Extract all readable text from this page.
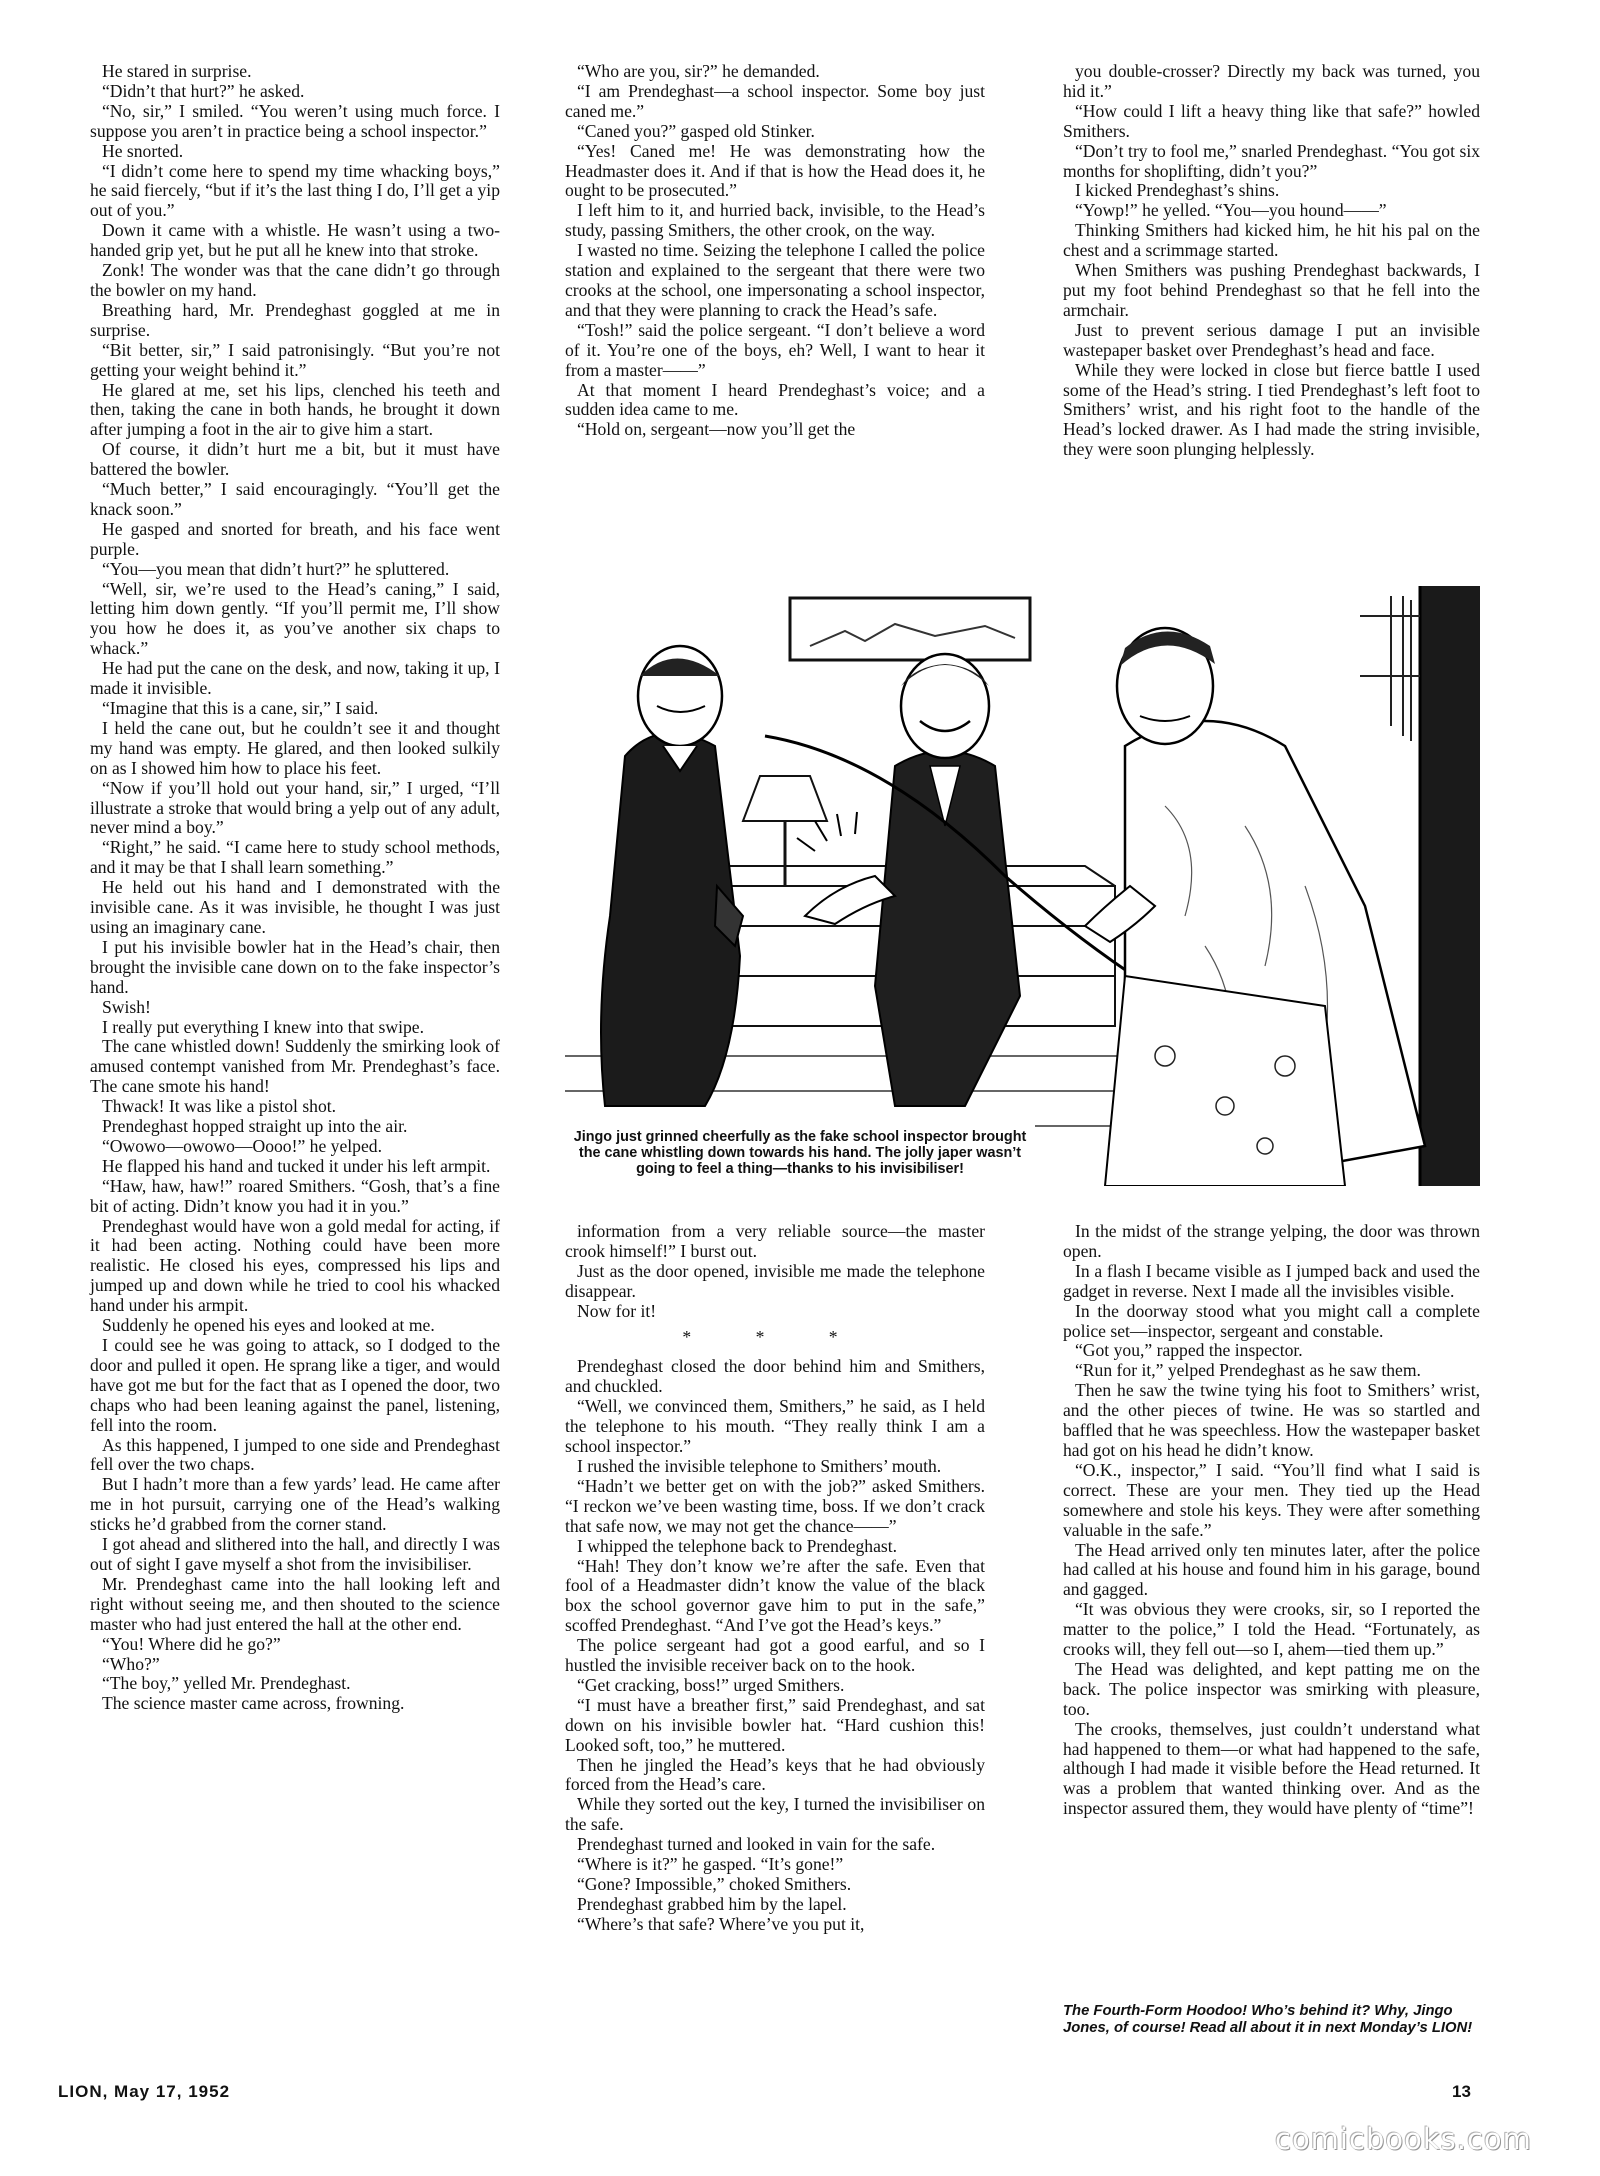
He stared in surprise.

“Didn’t that hurt?” he asked.

“No, sir,” I smiled. “You weren’t using much force. I suppose you aren’t in practice being a school inspector.”

He snorted.

“I didn’t come here to spend my time whacking boys,” he said fiercely, “but if it’s the last thing I do, I’ll get a yip out of you.”

Down it came with a whistle. He wasn’t using a two-handed grip yet, but he put all he knew into that stroke.

Zonk! The wonder was that the cane didn’t go through the bowler on my hand.

Breathing hard, Mr. Prendeghast goggled at me in surprise.

“Bit better, sir,” I said patronisingly. “But you’re not getting your weight behind it.”

He glared at me, set his lips, clenched his teeth and then, taking the cane in both hands, he brought it down after jumping a foot in the air to give him a start.

Of course, it didn’t hurt me a bit, but it must have battered the bowler.

“Much better,” I said encouragingly. “You’ll get the knack soon.”

He gasped and snorted for breath, and his face went purple.

“You—you mean that didn’t hurt?” he spluttered.

“Well, sir, we’re used to the Head’s caning,” I said, letting him down gently. “If you’ll permit me, I’ll show you how he does it, as you’ve another six chaps to whack.”

He had put the cane on the desk, and now, taking it up, I made it invisible.

“Imagine that this is a cane, sir,” I said.

I held the cane out, but he couldn’t see it and thought my hand was empty. He glared, and then looked sulkily on as I showed him how to place his feet.

“Now if you’ll hold out your hand, sir,” I urged, “I’ll illustrate a stroke that would bring a yelp out of any adult, never mind a boy.”

“Right,” he said. “I came here to study school methods, and it may be that I shall learn something.”

He held out his hand and I demonstrated with the invisible cane. As it was invisible, he thought I was just using an imaginary cane.

I put his invisible bowler hat in the Head’s chair, then brought the invisible cane down on to the fake inspector’s hand.

Swish!

I really put everything I knew into that swipe.

The cane whistled down! Suddenly the smirking look of amused contempt vanished from Mr. Prendeghast’s face. The cane smote his hand!

Thwack! It was like a pistol shot.

Prendeghast hopped straight up into the air.

“Owowo—owowo—Oooo!” he yelped.

He flapped his hand and tucked it under his left armpit.

“Haw, haw, haw!” roared Smithers. “Gosh, that’s a fine bit of acting. Didn’t know you had it in you.”

Prendeghast would have won a gold medal for acting, if it had been acting. Nothing could have been more realistic. He closed his eyes, compressed his lips and jumped up and down while he tried to cool his whacked hand under his armpit.

Suddenly he opened his eyes and looked at me.

I could see he was going to attack, so I dodged to the door and pulled it open. He sprang like a tiger, and would have got me but for the fact that as I opened the door, two chaps who had been leaning against the panel, listening, fell into the room.

As this happened, I jumped to one side and Prendeghast fell over the two chaps.

But I hadn’t more than a few yards’ lead. He came after me in hot pursuit, carrying one of the Head’s walking sticks he’d grabbed from the corner stand.

I got ahead and slithered into the hall, and directly I was out of sight I gave myself a shot from the invisibiliser.

Mr. Prendeghast came into the hall looking left and right without seeing me, and then shouted to the science master who had just entered the hall at the other end.

“You! Where did he go?”

“Who?”

“The boy,” yelled Mr. Prendeghast.

The science master came across, frowning.

“Who are you, sir?” he demanded.

“I am Prendeghast—a school inspector. Some boy just caned me.”

“Caned you?” gasped old Stinker.

“Yes! Caned me! He was demonstrating how the Headmaster does it. And if that is how the Head does it, he ought to be prosecuted.”

I left him to it, and hurried back, invisible, to the Head’s study, passing Smithers, the other crook, on the way.

I wasted no time. Seizing the telephone I called the police station and explained to the sergeant that there were two crooks at the school, one impersonating a school inspector, and that they were planning to crack the Head’s safe.

“Tosh!” said the police sergeant. “I don’t believe a word of it. You’re one of the boys, eh? Well, I want to hear it from a master——”

At that moment I heard Prendeghast’s voice; and a sudden idea came to me.

“Hold on, sergeant—now you’ll get the

you double-crosser? Directly my back was turned, you hid it.”

“How could I lift a heavy thing like that safe?” howled Smithers.

“Don’t try to fool me,” snarled Prendeghast. “You got six months for shoplifting, didn’t you?”

I kicked Prendeghast’s shins.

“Yowp!” he yelled. “You—you hound——”

Thinking Smithers had kicked him, he hit his pal on the chest and a scrimmage started.

When Smithers was pushing Prendeghast backwards, I put my foot behind Prendeghast so that he fell into the armchair.

Just to prevent serious damage I put an invisible wastepaper basket over Prendeghast’s head and face.

While they were locked in close but fierce battle I used some of the Head’s string. I tied Prendeghast’s left foot to Smithers’ wrist, and his right foot to the handle of the Head’s locked drawer. As I had made the string invisible, they were soon plunging helplessly.

Jingo just grinned cheerfully as the fake school inspector brought the cane whistling down towards his hand. The jolly japer wasn’t going to feel a thing—thanks to his invisibiliser!

information from a very reliable source—the master crook himself!” I burst out.

Just as the door opened, invisible me made the telephone disappear.

Now for it!

* * *

Prendeghast closed the door behind him and Smithers, and chuckled.

“Well, we convinced them, Smithers,” he said, as I held the telephone to his mouth. “They really think I am a school inspector.”

I rushed the invisible telephone to Smithers’ mouth.

“Hadn’t we better get on with the job?” asked Smithers. “I reckon we’ve been wasting time, boss. If we don’t crack that safe now, we may not get the chance——”

I whipped the telephone back to Prendeghast.

“Hah! They don’t know we’re after the safe. Even that fool of a Headmaster didn’t know the value of the black box the school governor gave him to put in the safe,” scoffed Prendeghast. “And I’ve got the Head’s keys.”

The police sergeant had got a good earful, and so I hustled the invisible receiver back on to the hook.

“Get cracking, boss!” urged Smithers.

“I must have a breather first,” said Prendeghast, and sat down on his invisible bowler hat. “Hard cushion this! Looked soft, too,” he muttered.

Then he jingled the Head’s keys that he had obviously forced from the Head’s care.

While they sorted out the key, I turned the invisibiliser on the safe.

Prendeghast turned and looked in vain for the safe.

“Where is it?” he gasped. “It’s gone!”

“Gone? Impossible,” choked Smithers.

Prendeghast grabbed him by the lapel.

“Where’s that safe? Where’ve you put it,

In the midst of the strange yelping, the door was thrown open.

In a flash I became visible as I jumped back and used the gadget in reverse. Next I made all the invisibles visible.

In the doorway stood what you might call a complete police set—inspector, sergeant and constable.

“Got you,” rapped the inspector.

“Run for it,” yelped Prendeghast as he saw them.

Then he saw the twine tying his foot to Smithers’ wrist, and the other pieces of twine. He was so startled and baffled that he was speechless. How the wastepaper basket had got on his head he didn’t know.

“O.K., inspector,” I said. “You’ll find what I said is correct. These are your men. They tied up the Head somewhere and stole his keys. They were after something valuable in the safe.”

The Head arrived only ten minutes later, after the police had called at his house and found him in his garage, bound and gagged.

“It was obvious they were crooks, sir, so I reported the matter to the police,” I told the Head. “Fortunately, as crooks will, they fell out—so I, ahem—tied them up.”

The Head was delighted, and kept patting me on the back. The police inspector was smirking with pleasure, too.

The crooks, themselves, just couldn’t understand what had happened to them—or what had happened to the safe, although I had made it visible before the Head returned. It was a problem that wanted thinking over. And as the inspector assured them, they would have plenty of “time”!

The Fourth-Form Hoodoo! Who’s behind it? Why, Jingo Jones, of course! Read all about it in next Monday’s LION!
LION, May 17, 1952	13
comicbooks.com
